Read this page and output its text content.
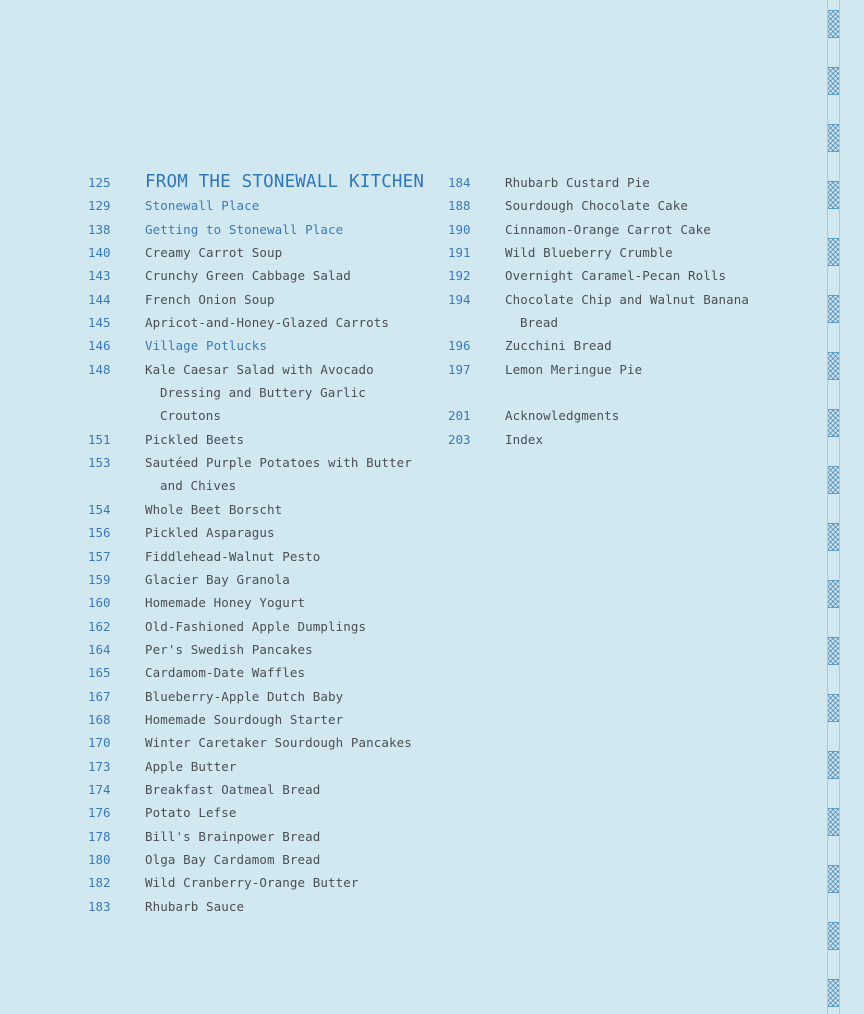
125	FROM THE STONEWALL KITCHEN
129	Stonewall Place
138	Getting to Stonewall Place
140	Creamy Carrot Soup
143	Crunchy Green Cabbage Salad
144	French Onion Soup
145	Apricot-and-Honey-Glazed Carrots
146	Village Potlucks
148	Kale Caesar Salad with Avocado
Dressing and Buttery Garlic
Croutons
151	Pickled Beets
153	Sautéed Purple Potatoes with Butter
and Chives
154	Whole Beet Borscht
156	Pickled Asparagus
157	Fiddlehead-Walnut Pesto
159	Glacier Bay Granola
160	Homemade Honey Yogurt
162	Old-Fashioned Apple Dumplings
164	Per's Swedish Pancakes
165	Cardamom-Date Waffles
167	Blueberry-Apple Dutch Baby
168	Homemade Sourdough Starter
170	Winter Caretaker Sourdough Pancakes
173	Apple Butter
174	Breakfast Oatmeal Bread
176	Potato Lefse
178	Bill's Brainpower Bread
180	Olga Bay Cardamom Bread
182	Wild Cranberry-Orange Butter
183	Rhubarb Sauce
184	Rhubarb Custard Pie
188	Sourdough Chocolate Cake
190	Cinnamon-Orange Carrot Cake
191	Wild Blueberry Crumble
192	Overnight Caramel-Pecan Rolls
194	Chocolate Chip and Walnut Banana
Bread
196	Zucchini Bread
197	Lemon Meringue Pie
201	Acknowledgments
203	Index
